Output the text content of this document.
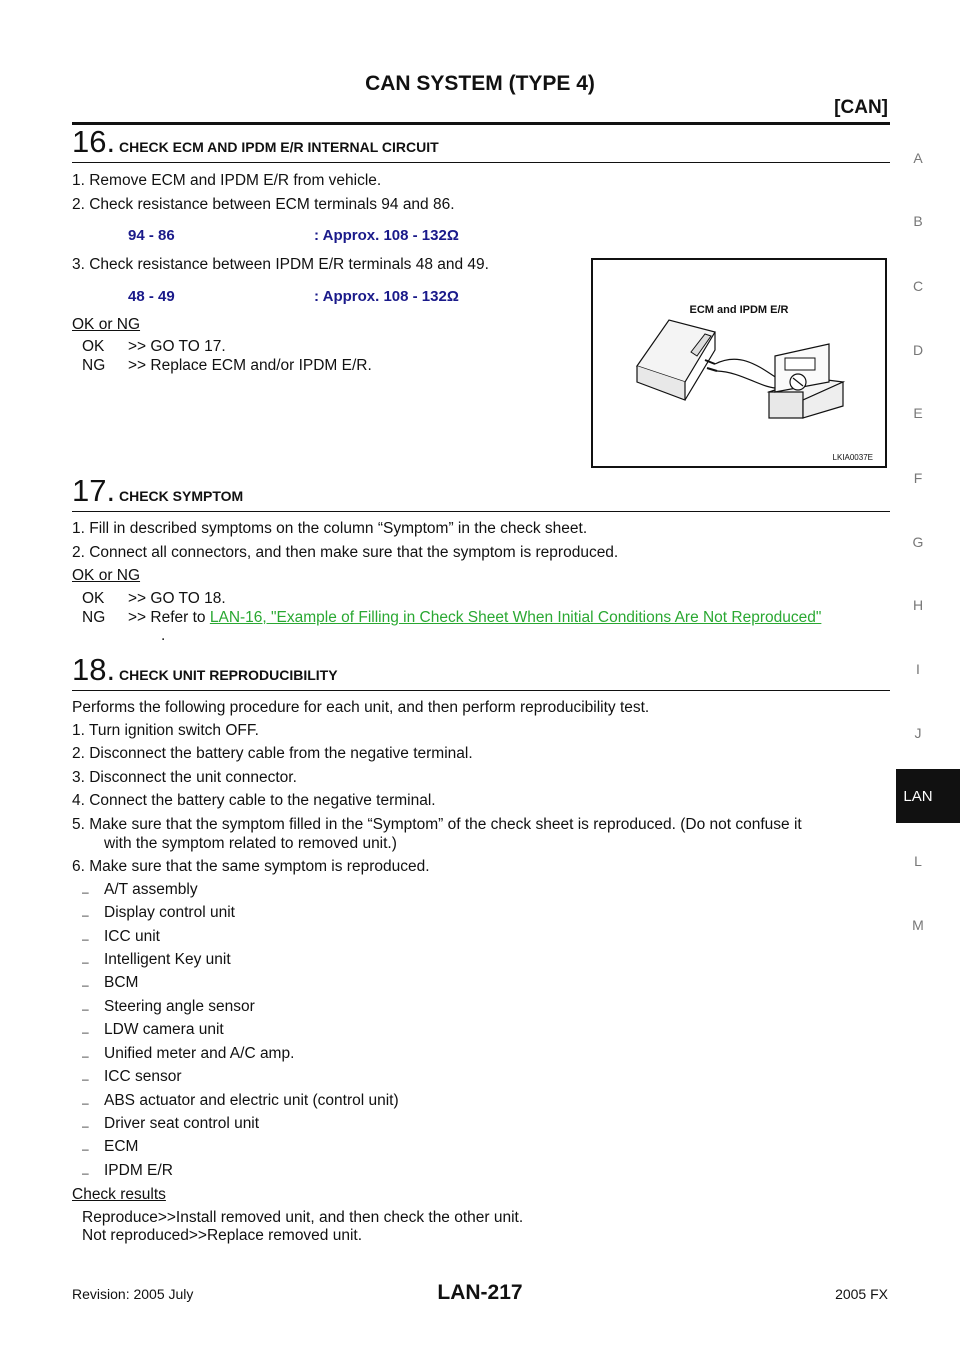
CAN SYSTEM (TYPE 4)
[CAN]
A
B
C
D
E
F
G
H
I
J
LAN
L
M
16. CHECK ECM AND IPDM E/R INTERNAL CIRCUIT
1. Remove ECM and IPDM E/R from vehicle.
2. Check resistance between ECM terminals 94 and 86.
94 - 86	: Approx. 108 - 132Ω
3. Check resistance between IPDM E/R terminals 48 and 49.
48 - 49	: Approx. 108 - 132Ω
OK or NG
OK >> GO TO 17.
NG >> Replace ECM and/or IPDM E/R.
ECM and IPDM E/R
LKIA0037E
17. CHECK SYMPTOM
1. Fill in described symptoms on the column “Symptom” in the check sheet.
2. Connect all connectors, and then make sure that the symptom is reproduced.
OK or NG
OK >> GO TO 18.
NG >> Refer to LAN-16, "Example of Filling in Check Sheet When Initial Conditions Are Not Reproduced"
.
18. CHECK UNIT REPRODUCIBILITY
Performs the following procedure for each unit, and then perform reproducibility test.
1. Turn ignition switch OFF.
2. Disconnect the battery cable from the negative terminal.
3. Disconnect the unit connector.
4. Connect the battery cable to the negative terminal.
5. Make sure that the symptom filled in the “Symptom” of the check sheet is reproduced. (Do not confuse it
with the symptom related to removed unit.)
6. Make sure that the same symptom is reproduced.
– A/T assembly
– Display control unit
– ICC unit
– Intelligent Key unit
– BCM
– Steering angle sensor
– LDW camera unit
– Unified meter and A/C amp.
– ICC sensor
– ABS actuator and electric unit (control unit)
– Driver seat control unit
– ECM
– IPDM E/R
Check results
Reproduce>>Install removed unit, and then check the other unit.
Not reproduced>>Replace removed unit.
Revision: 2005 July	LAN-217	2005 FX
